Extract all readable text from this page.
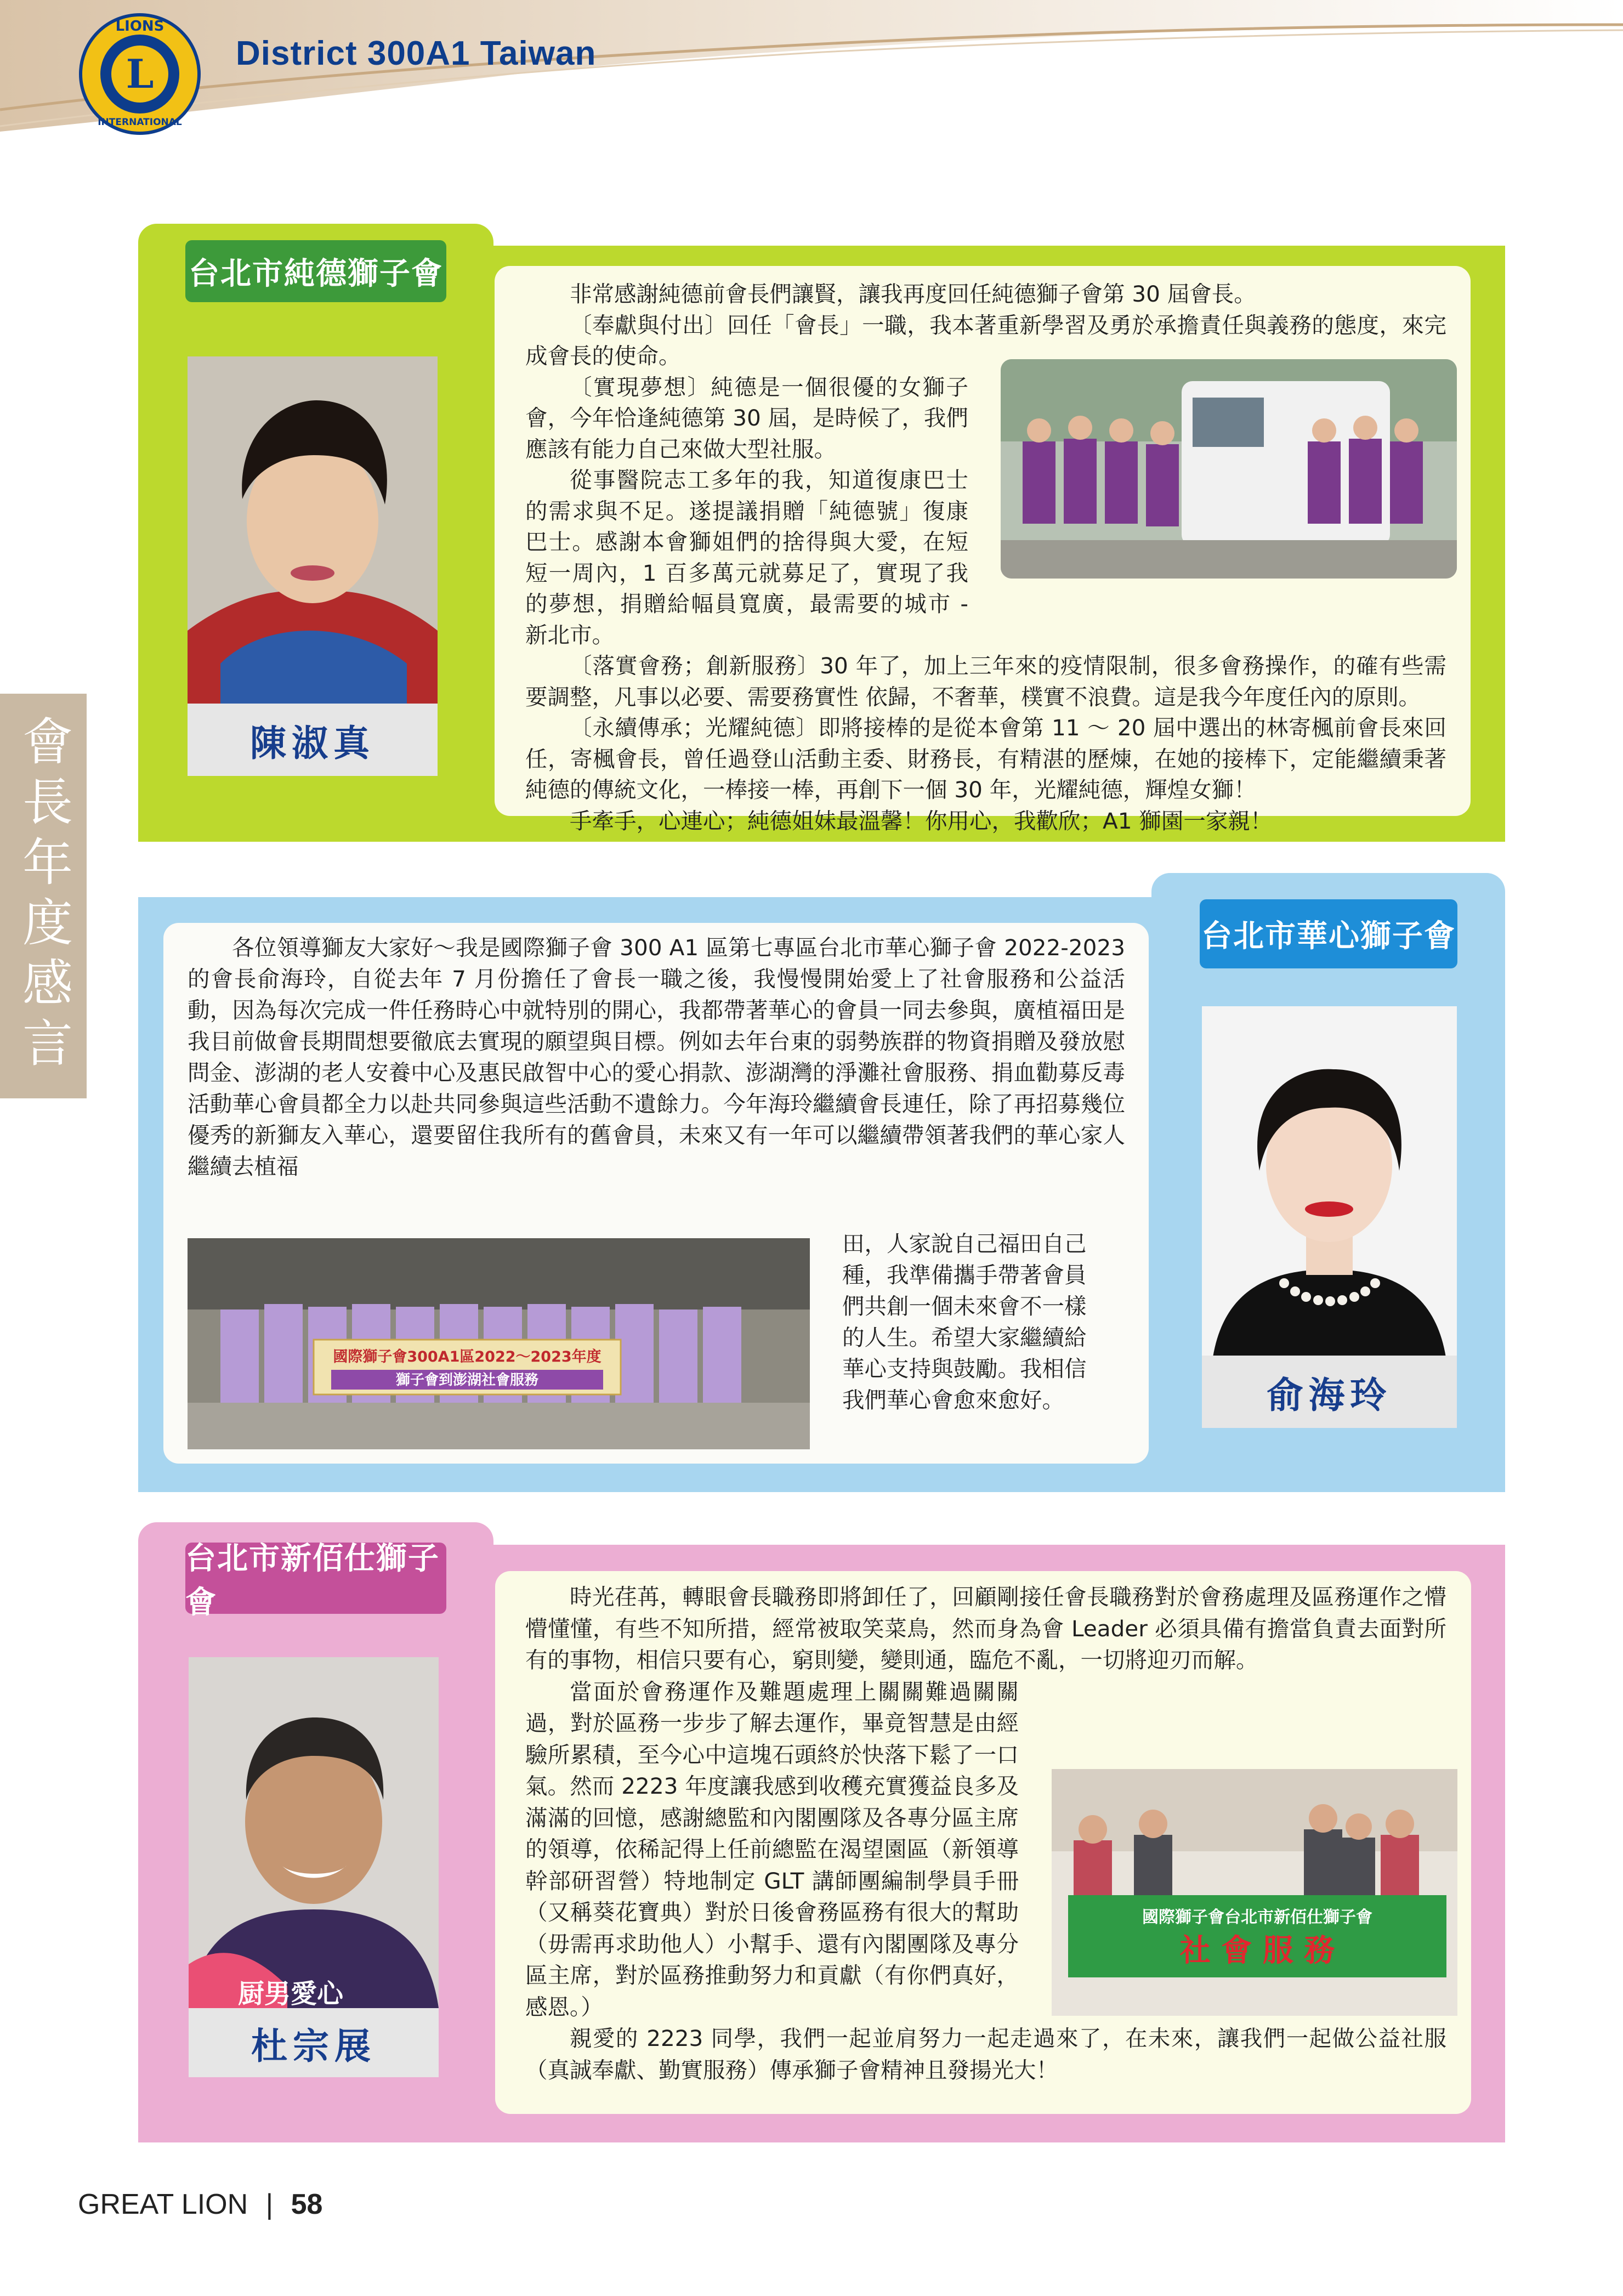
L
LIONS
INTERNATIONAL
District 300A1 Taiwan
會長年度感言
台北市純德獅子會
陳淑真

非常感謝純德前會長們讓賢，讓我再度回任純德獅子會第 30 屆會長。

〔奉獻與付出〕回任「會長」一職，我本著重新學習及勇於承擔責任與義務的態度，來完成會長的使命。

〔實現夢想〕純德是一個很優的女獅子會，今年恰逢純德第 30 屆，是時候了，我們應該有能力自己來做大型社服。

從事醫院志工多年的我，知道復康巴士的需求與不足。遂提議捐贈「純德號」復康巴士。感謝本會獅姐們的捨得與大愛，在短短一周內，1 百多萬元就募足了，實現了我的夢想，捐贈給幅員寬廣，最需要的城市 - 新北市。

〔落實會務；創新服務〕30 年了，加上三年來的疫情限制，很多會務操作，的確有些需要調整，凡事以必要、需要務實性 依歸，不奢華，樸實不浪費。這是我今年度任內的原則。

〔永續傳承；光耀純德〕即將接棒的是從本會第 11 ～ 20 屆中選出的林寄楓前會長來回任，寄楓會長，曾任過登山活動主委、財務長，有精湛的歷煉，在她的接棒下，定能繼續秉著純德的傳統文化，一棒接一棒，再創下一個 30 年，光耀純德，輝煌女獅！

手牽手，心連心；純德姐妹最溫馨！你用心，我歡欣；A1 獅園一家親！

台北市華心獅子會

各位領導獅友大家好～我是國際獅子會 300 A1 區第七專區台北市華心獅子會 2022-2023 的會長俞海玲，自從去年 7 月份擔任了會長一職之後，我慢慢開始愛上了社會服務和公益活動，因為每次完成一件任務時心中就特別的開心，我都帶著華心的會員一同去參與，廣植福田是我目前做會長期間想要徹底去實現的願望與目標。例如去年台東的弱勢族群的物資捐贈及發放慰問金、澎湖的老人安養中心及惠民啟智中心的愛心捐款、澎湖灣的淨灘社會服務、捐血勸募反毒活動華心會員都全力以赴共同參與這些活動不遺餘力。今年海玲繼續會長連任，除了再招募幾位優秀的新獅友入華心，還要留住我所有的舊會員，未來又有一年可以繼續帶領著我們的華心家人繼續去植福

國際獅子會300A1區2022～2023年度
獅子會到澎湖社會服務

田，人家說自己福田自己

種，我準備攜手帶著會員

們共創一個未來會不一樣

的人生。希望大家繼續給

華心支持與鼓勵。我相信

我們華心會愈來愈好。	俞海玲
台北市新佰仕獅子會
厨男愛心
杜宗展
國際獅子會台北市新佰仕獅子會
社 會 服 務

時光荏苒，轉眼會長職務即將卸任了，回顧剛接任會長職務對於會務處理及區務運作之懵懵懂懂，有些不知所措，經常被取笑菜鳥，然而身為會 Leader 必須具備有擔當負責去面對所有的事物，相信只要有心，窮則變，變則通，臨危不亂，一切將迎刃而解。

當面於會務運作及難題處理上關關難過關關過，對於區務一步步了解去運作，畢竟智慧是由經驗所累積，至今心中這塊石頭終於快落下鬆了一口氣。然而 2223 年度讓我感到收穫充實獲益良多及滿滿的回憶，感謝總監和內閣團隊及各專分區主席的領導，依稀記得上任前總監在渴望園區（新領導幹部研習營）特地制定 GLT 講師團編制學員手冊（又稱葵花寶典）對於日後會務區務有很大的幫助（毋需再求助他人）小幫手、還有內閣團隊及專分區主席，對於區務推動努力和貢獻（有你們真好，感恩。）

親愛的 2223 同學，我們一起並肩努力一起走過來了，在未來，讓我們一起做公益社服（真誠奉獻、勤實服務）傳承獅子會精神且發揚光大！

GREAT LION | 58
